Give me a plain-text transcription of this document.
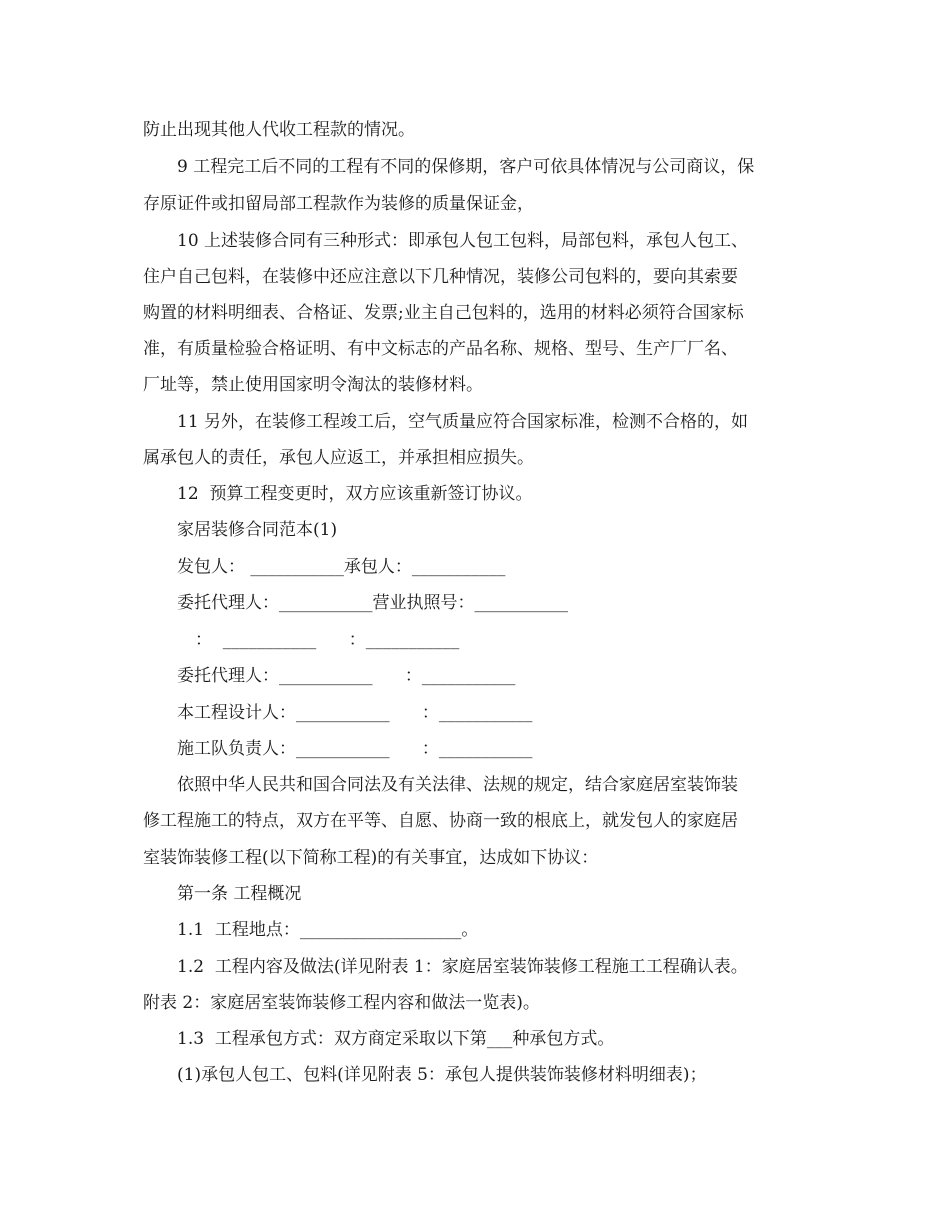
防止出现其他人代收工程款的情况。
9 工程完工后不同的工程有不同的保修期，客户可依具体情况与公司商议，保
存原证件或扣留局部工程款作为装修的质量保证金，
10 上述装修合同有三种形式：即承包人包工包料，局部包料，承包人包工、
住户自己包料，在装修中还应注意以下几种情况，装修公司包料的，要向其索要
购置的材料明细表、合格证、发票;业主自己包料的，选用的材料必须符合国家标
准，有质量检验合格证明、有中文标志的产品名称、规格、型号、生产厂厂名、
厂址等，禁止使用国家明令淘汰的装修材料。
11 另外，在装修工程竣工后，空气质量应符合国家标准，检测不合格的，如
属承包人的责任，承包人应返工，并承担相应损失。
12  预算工程变更时，双方应该重新签订协议。
家居装修合同范本(1)
发包人： ___________承包人：___________
委托代理人：___________营业执照号：___________
：  ___________      ：___________
委托代理人：___________      ：___________
本工程设计人：___________      ：___________
施工队负责人：___________      ：___________
依照中华人民共和国合同法及有关法律、法规的规定，结合家庭居室装饰装
修工程施工的特点，双方在平等、自愿、协商一致的根底上，就发包人的家庭居
室装饰装修工程(以下简称工程)的有关事宜，达成如下协议：
第一条 工程概况
1.1  工程地点：___________________。
1.2  工程内容及做法(详见附表 1：家庭居室装饰装修工程施工工程确认表。
附表 2：家庭居室装饰装修工程内容和做法一览表)。
1.3  工程承包方式：双方商定采取以下第___种承包方式。
(1)承包人包工、包料(详见附表 5：承包人提供装饰装修材料明细表)；
